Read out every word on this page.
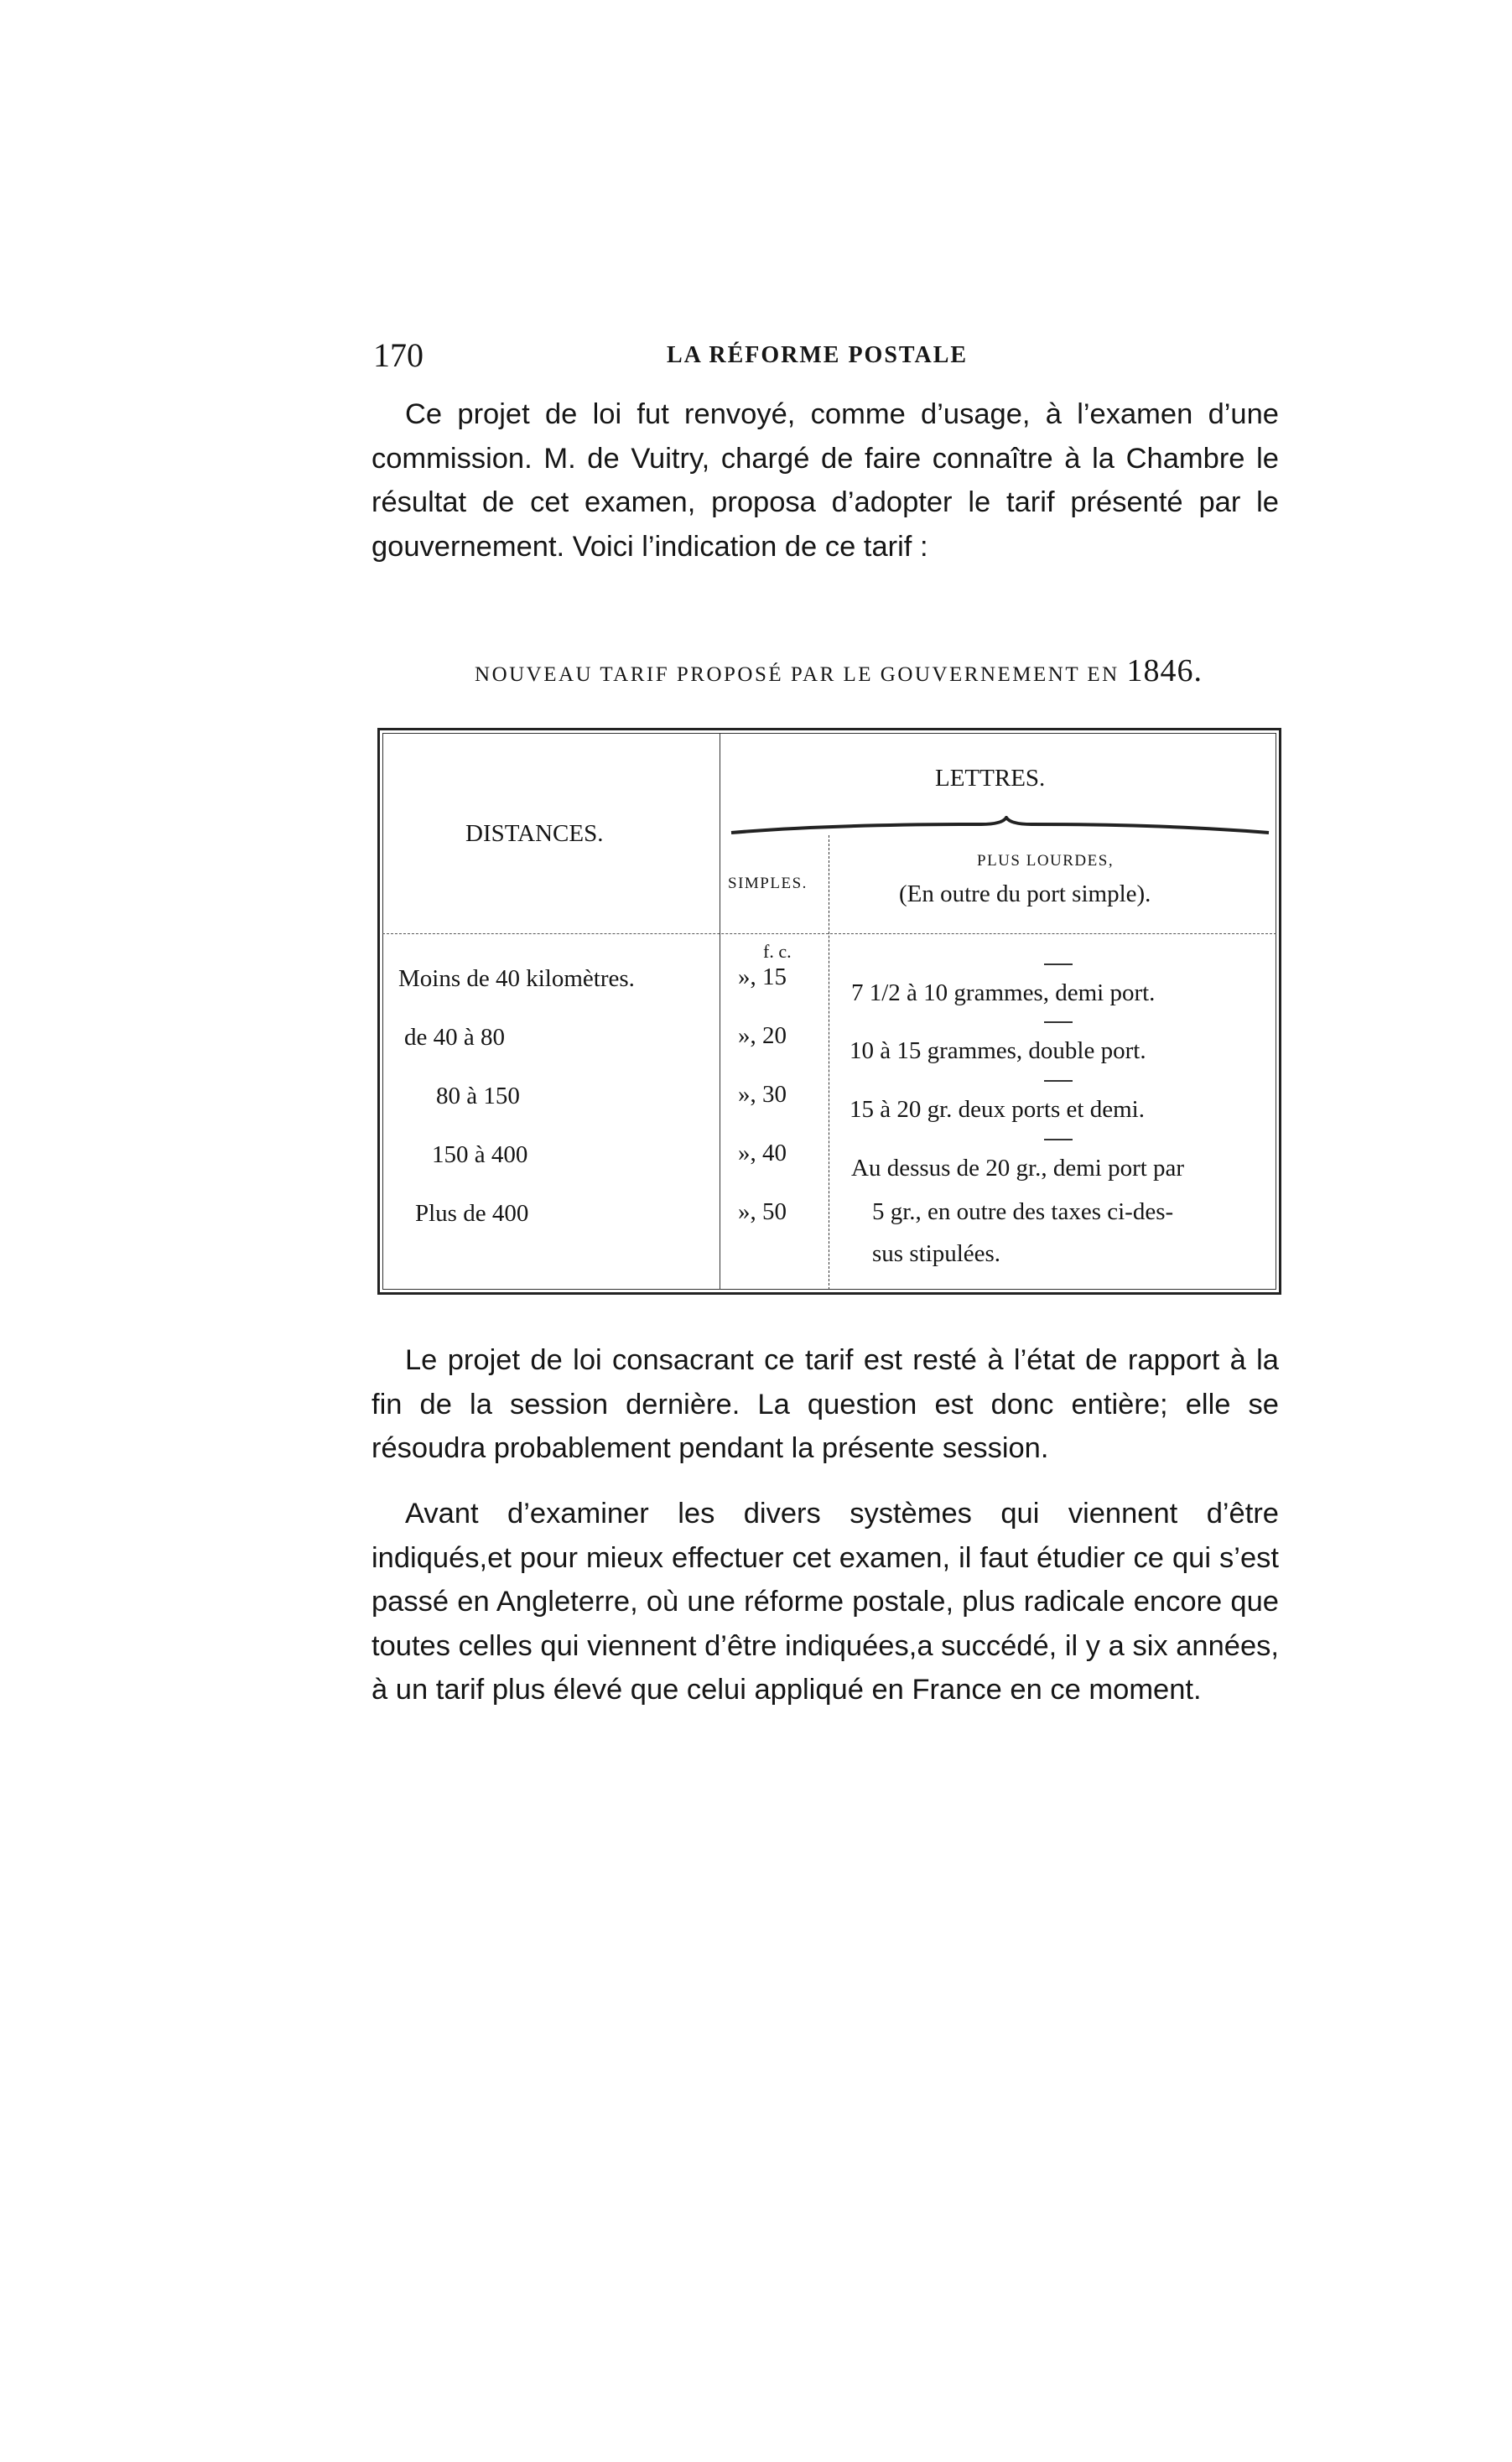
170	LA RÉFORME POSTALE

Ce projet de loi fut renvoyé, comme d’usage, à l’examen d’une commission. M. de Vuitry, chargé de faire connaître à la Chambre le résultat de cet examen, proposa d’adopter le tarif présenté par le gouvernement. Voici l’indication de ce tarif :

NOUVEAU TARIF PROPOSÉ PAR LE GOUVERNEMENT EN 1846.
LETTRES.
DISTANCES.
SIMPLES.
PLUS LOURDES,
(En outre du port simple).
f. c.
Moins de 40 kilomètres.
de 40 à 80
80 à 150
150 à 400
Plus de 400
», 15
», 20
», 30
», 40
», 50
7 1/2 à 10 grammes, demi port.
10 à 15 grammes, double port.
15 à 20 gr. deux ports et demi.
Au dessus de 20 gr., demi port par
5 gr., en outre des taxes ci-des-
sus stipulées.

Le projet de loi consacrant ce tarif est resté à l’état de rapport à la fin de la session dernière. La question est donc entière; elle se résoudra probablement pendant la présente session.

Avant d’examiner les divers systèmes qui viennent d’être indiqués,et pour mieux effectuer cet examen, il faut étudier ce qui s’est passé en Angleterre, où une réforme postale, plus radicale encore que toutes celles qui viennent d’être indiquées,a succédé, il y a six années, à un tarif plus élevé que celui appliqué en France en ce moment.
